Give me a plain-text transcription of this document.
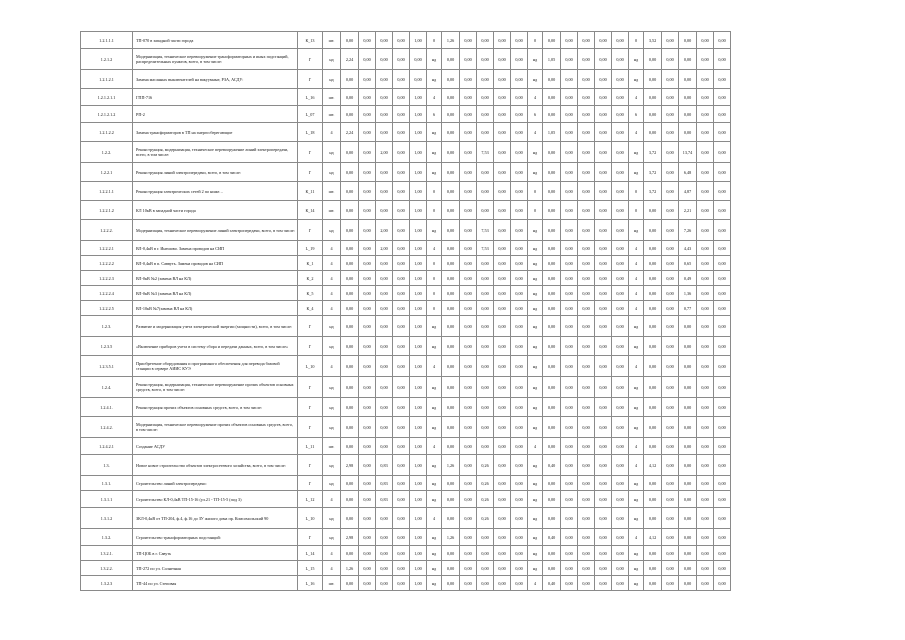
1.2.1.1.1	ТП-070 в западной части города	К_13	шт.	0,00	0,00	0,00	0,00	1,00	0	1,26	0,00	0,00	0,00	0,00	0	0,00	0,00	0,00	0,00	0,00	0	3,52	0,00	0,00	0,00	0,00
1.2.1.2	Модернизация, техническое перевооружение трансформаторных и иных подстанций, распределительных пунктов, всего, в том числе:	Г	нд	2,24	0,00	0,00	0,00	0,00	нд	0,00	0,00	0,00	0,00	0,00	нд	1,05	0,00	0,00	0,00	0,00	нд	0,00	0,00	0,00	0,00	0,00
1.2.1.2.1	Замена масляных выключателей на вакуумные, РЗА, АСДУ:	Г	нд	0,00	0,00	0,00	0,00	0,00	нд	0,00	0,00	0,00	0,00	0,00	нд	0,00	0,00	0,00	0,00	0,00	нд	0,00	0,00	0,00	0,00	0,00
1.2.1.2.1.1	ГПП-716	L_16	шт.	0,00	0,00	0,00	0,00	1,00	4	0,00	0,00	0,00	0,00	0,00	4	0,00	0,00	0,00	0,00	0,00	4	0,00	0,00	0,00	0,00	0,00
1.2.1.2.1.2	РП-2	L_07	шт.	0,00	0,00	0,00	0,00	1,00	6	0,00	0,00	0,00	0,00	0,00	6	0,00	0,00	0,00	0,00	0,00	6	0,00	0,00	0,00	0,00	0,00
1.2.1.2.2	Замена трансформаторов в ТП на энергосберегающие	L_18	4	2,24	0,00	0,00	0,00	1,00	нд	0,00	0,00	0,00	0,00	0,00	4	1,05	0,00	0,00	0,00	0,00	4	0,00	0,00	0,00	0,00	0,00
1.2.2.	Реконструкция, модернизация, техническое перевооружение линий электропередачи, всего, в том числе:	Г	нд	0,00	0,00	2,00	0,00	1,00	нд	0,00	0,00	7,53	0,00	0,00	нд	0,00	0,00	0,00	0,00	0,00	нд	3,72	0,00	13,74	0,00	0,00
1.2.2.1	Реконструкция линий электропередачи, всего, в том числе:	Г	нд	0,00	0,00	0,00	0,00	1,00	нд	0,00	0,00	0,00	0,00	0,00	нд	0,00	0,00	0,00	0,00	0,00	нд	3,72	0,00	6,48	0,00	0,00
1.2.2.1.1	Реконструкция электрических сетей 2 по ниже…	К_11	шт.	0,00	0,00	0,00	0,00	1,00	0	0,00	0,00	0,00	0,00	0,00	0	0,00	0,00	0,00	0,00	0,00	0	3,72	0,00	4,87	0,00	0,00
1.2.2.1.2	КЛ 10кВ в западной части города	К_14	шт.	0,00	0,00	0,00	0,00	1,00	0	0,00	0,00	0,00	0,00	0,00	0	0,00	0,00	0,00	0,00	0,00	0	0,00	0,00	2,21	0,00	0,00
1.2.2.2.	Модернизация, техническое перевооружение линий электропередачи, всего, в том числе:	Г	нд	0,00	0,00	2,00	0,00	1,00	нд	0,00	0,00	7,53	0,00	0,00	нд	0,00	0,00	0,00	0,00	0,00	нд	0,00	0,00	7,26	0,00	0,00
1.2.2.2.1	ВЛ-0,4кВ в г. Инешово. Замена проводов на СИП	L_19	4	0,00	0,00	2,00	0,00	1,00	4	0,00	0,00	7,53	0,00	0,00	нд	0,00	0,00	0,00	0,00	0,00	4	0,00	0,00	4,43	0,00	0,00
1.2.2.2.2	ВЛ-0,4кВ в п. Саввуть. Замена проводов на СИП	К_1	4	0,00	0,00	0,00	0,00	1,00	0	0,00	0,00	0,00	0,00	0,00	нд	0,00	0,00	0,00	0,00	0,00	4	0,00	0,00	0,65	0,00	0,00
1.2.2.2.3	ВЛ-0кВ №2 (замена ВЛ на КЛ)	К_2	4	0,00	0,00	0,00	0,00	1,00	0	0,00	0,00	0,00	0,00	0,00	нд	0,00	0,00	0,00	0,00	0,00	4	0,00	0,00	0,49	0,00	0,00
1.2.2.2.4	ВЛ-0кВ №3 (замена ВЛ на КЛ)	К_5	4	0,00	0,00	0,00	0,00	1,00	0	0,00	0,00	0,00	0,00	0,00	нд	0,00	0,00	0,00	0,00	0,00	4	0,00	0,00	1,36	0,00	0,00
1.2.2.2.5	ВЛ-10кВ №7(замена ВЛ на КЛ)	К_4	4	0,00	0,00	0,00	0,00	1,00	0	0,00	0,00	0,00	0,00	0,00	нд	0,00	0,00	0,00	0,00	0,00	4	0,00	0,00	0,77	0,00	0,00
1.2.3.	Развитие и модернизация учета электрической энергии (мощности), всего, в том числе:	Г	нд	0,00	0,00	0,00	0,00	1,00	нд	0,00	0,00	0,00	0,00	0,00	нд	0,00	0,00	0,00	0,00	0,00	нд	0,00	0,00	0,00	0,00	0,00
1.2.3.5	«Включение приборов учета в систему сбора и передачи данных, всего, в том числе»	Г	нд	0,00	0,00	0,00	0,00	1,00	нд	0,00	0,00	0,00	0,00	0,00	нд	0,00	0,00	0,00	0,00	0,00	нд	0,00	0,00	0,00	0,00	0,00
1.2.3.5.1	Приобретение оборудования и программного обеспечения для перевода базовой станции в сервере АИИС КУЭ	L_10	4	0,00	0,00	0,00	0,00	1,00	4	0,00	0,00	0,00	0,00	0,00	нд	0,00	0,00	0,00	0,00	0,00	4	0,00	0,00	0,00	0,00	0,00
1.2.4.	Реконструкция, модернизация, техническое перевооружение прочих объектов основных средств, всего, в том числе:	Г	нд	0,00	0,00	0,00	0,00	1,00	нд	0,00	0,00	0,00	0,00	0,00	нд	0,00	0,00	0,00	0,00	0,00	нд	0,00	0,00	0,00	0,00	0,00
1.2.4.1.	Реконструкция прочих объектов основных средств, всего, в том числе:	Г	нд	0,00	0,00	0,00	0,00	1,00	нд	0,00	0,00	0,00	0,00	0,00	нд	0,00	0,00	0,00	0,00	0,00	нд	0,00	0,00	0,00	0,00	0,00
1.2.4.2.	Модернизация, техническое перевооружение прочих объектов основных средств, всего, в том числе:	Г	нд	0,00	0,00	0,00	0,00	1,00	нд	0,00	0,00	0,00	0,00	0,00	нд	0,00	0,00	0,00	0,00	0,00	нд	0,00	0,00	0,00	0,00	0,00
1.2.4.2.1	Создание АСДУ	L_11	шт.	0,00	0,00	0,00	0,00	1,00	4	0,00	0,00	0,00	0,00	0,00	4	0,00	0,00	0,00	0,00	0,00	4	0,00	0,00	0,00	0,00	0,00
1.3.	Новое новое строительство объектов электросетевого хозяйства, всего, в том числе:	Г	нд	2,98	0,00	0,83	0,00	1,00	нд	1,26	0,00	0,26	0,00	0,00	нд	0,40	0,00	0,00	0,00	0,00	4	4,12	0,00	0,00	0,00	0,00
1.3.1.	Строительство линий электропередачи:	Г	нд	0,00	0,00	0,83	0,00	1,00	нд	0,00	0,00	0,26	0,00	0,00	нд	0,00	0,00	0,00	0,00	0,00	нд	0,00	0,00	0,00	0,00	0,00
1.3.1.1	Строительство КЛ-0,4кВ ТП-15-16 (ул.21 - ТП-15-5 (под 3)	L_12	4	0,00	0,00	0,83	0,00	1,00	нд	0,00	0,00	0,26	0,00	0,00	нд	0,00	0,00	0,00	0,00	0,00	нд	0,00	0,00	0,00	0,00	0,00
1.3.1.2	ЗКЛ-0,4кВ от ТП-204, ф.4, ф.16 до ЗУ жилого дома пр. Комсомольский 90	L_10	нд	0,00	0,00	0,00	0,00	1,00	4	0,00	0,00	0,26	0,00	0,00	нд	0,00	0,00	0,00	0,00	0,00	нд	0,00	0,00	0,00	0,00	0,00
1.3.2.	Строительство трансформаторных подстанций:	Г	нд	2,98	0,00	0,00	0,00	1,00	нд	1,26	0,00	0,00	0,00	0,00	нд	0,40	0,00	0,00	0,00	0,00	4	4,12	0,00	0,00	0,00	0,00
1.3.2.1.	ТП-ЦОБ в г. Савуть	L_14	4	0,00	0,00	0,00	0,00	1,00	нд	0,00	0,00	0,00	0,00	0,00	нд	0,00	0,00	0,00	0,00	0,00	нд	0,00	0,00	0,00	0,00	0,00
1.3.2.2.	ТП-272 по ул. Солнечная	L_15	4	1,26	0,00	0,00	0,00	1,00	нд	0,00	0,00	0,00	0,00	0,00	нд	0,00	0,00	0,00	0,00	0,00	нд	0,00	0,00	0,00	0,00	0,00
1.3.2.3	ТП-44 по ул. Степовая	L_16	шт.	0,00	0,00	0,00	0,00	1,00	нд	0,00	0,00	0,00	0,00	0,00	4	0,40	0,00	0,00	0,00	0,00	нд	0,00	0,00	0,00	0,00	0,00
